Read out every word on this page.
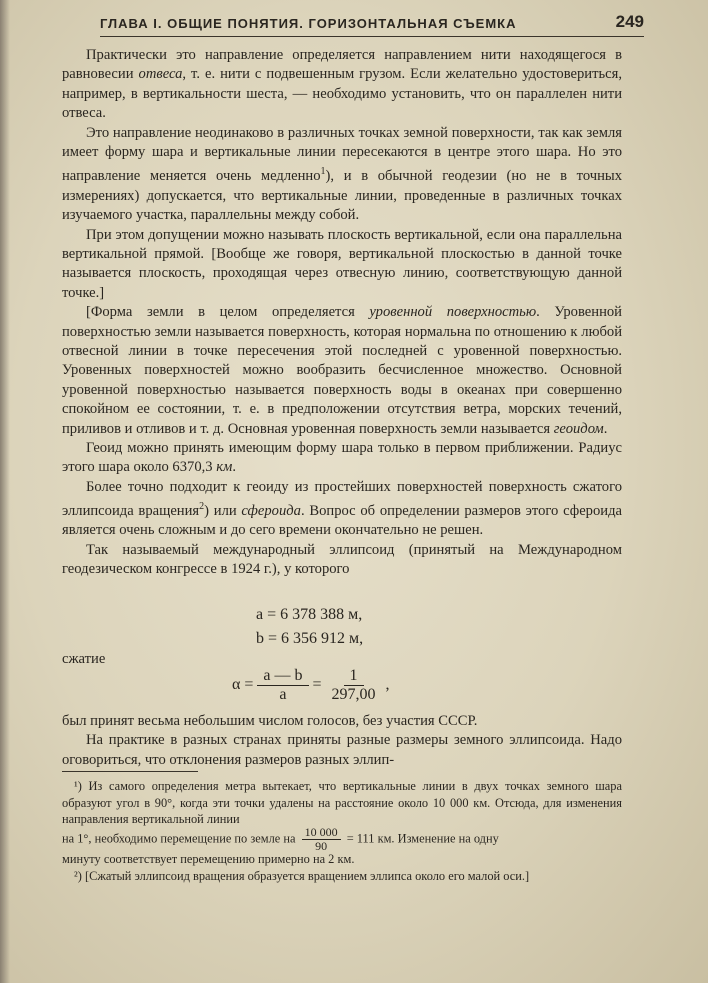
ГЛАВА I. ОБЩИЕ ПОНЯТИЯ. ГОРИЗОНТАЛЬНАЯ СЪЕМКА	249

Практически это направление определяется направлением нити находящегося в равновесии отвеса, т. е. нити с подвешенным грузом. Если желательно удостовериться, например, в вертикальности шеста, — необходимо установить, что он параллелен нити отвеса.

Это направление неодинаково в различных точках земной поверхности, так как земля имеет форму шара и вертикальные линии пересекаются в центре этого шара. Но это направление меняется очень медленно$^1$), и в обычной геодезии (но не в точных измерениях) допускается, что вертикальные линии, проведенные в различных точках изучаемого участка, параллельны между собой.

При этом допущении можно называть плоскость вертикальной, если она параллельна вертикальной прямой. [Вообще же говоря, вертикальной плоскостью в данной точке называется плоскость, проходящая через отвесную линию, соответствующую данной точке.]

[Форма земли в целом определяется уровенной поверхностью. Уровенной поверхностью земли называется поверхность, которая нормальна по отношению к любой отвесной линии в точке пересечения этой последней с уровенной поверхностью. Уровенных поверхностей можно вообразить бесчисленное множество. Основной уровенной поверхностью называется поверхность воды в океанах при совершенно спокойном ее состоянии, т. е. в предположении отсутствия ветра, морских течений, приливов и отливов и т. д. Основная уровенная поверхность земли называется геоидом.

Геоид можно принять имеющим форму шара только в первом приближении. Радиус этого шара около 6370,3 км.

Более точно подходит к геоиду из простейших поверхностей поверхность сжатого эллипсоида вращения$^2$) или сфероида. Вопрос об определении размеров этого сфероида является очень сложным и до сего времени окончательно не решен.

Так называемый международный эллипсоид (принятый на Международном геодезическом конгрессе в 1924 г.), у которого

a = 6 378 388 м,
b = 6 356 912 м,
сжатие
$\alpha = \frac{a — b}{a} = \frac{1}{297,00}$ ,

был принят весьма небольшим числом голосов, без участия СССР.

На практике в разных странах приняты разные размеры земного эллипсоида. Надо оговориться, что отклонения размеров разных эллип-

¹) Из самого определения метра вытекает, что вертикальные линии в двух точках земного шара образуют угол в 90°, когда эти точки удалены на расстояние около 10 000 км. Отсюда, для изменения направления вертикальной линии

на 1°, необходимо перемещение по земле на $\frac{10 000}{90} = 111$ км. Изменение на одну

минуту соответствует перемещению примерно на 2 км.

²) [Сжатый эллипсоид вращения образуется вращением эллипса около его малой оси.]
